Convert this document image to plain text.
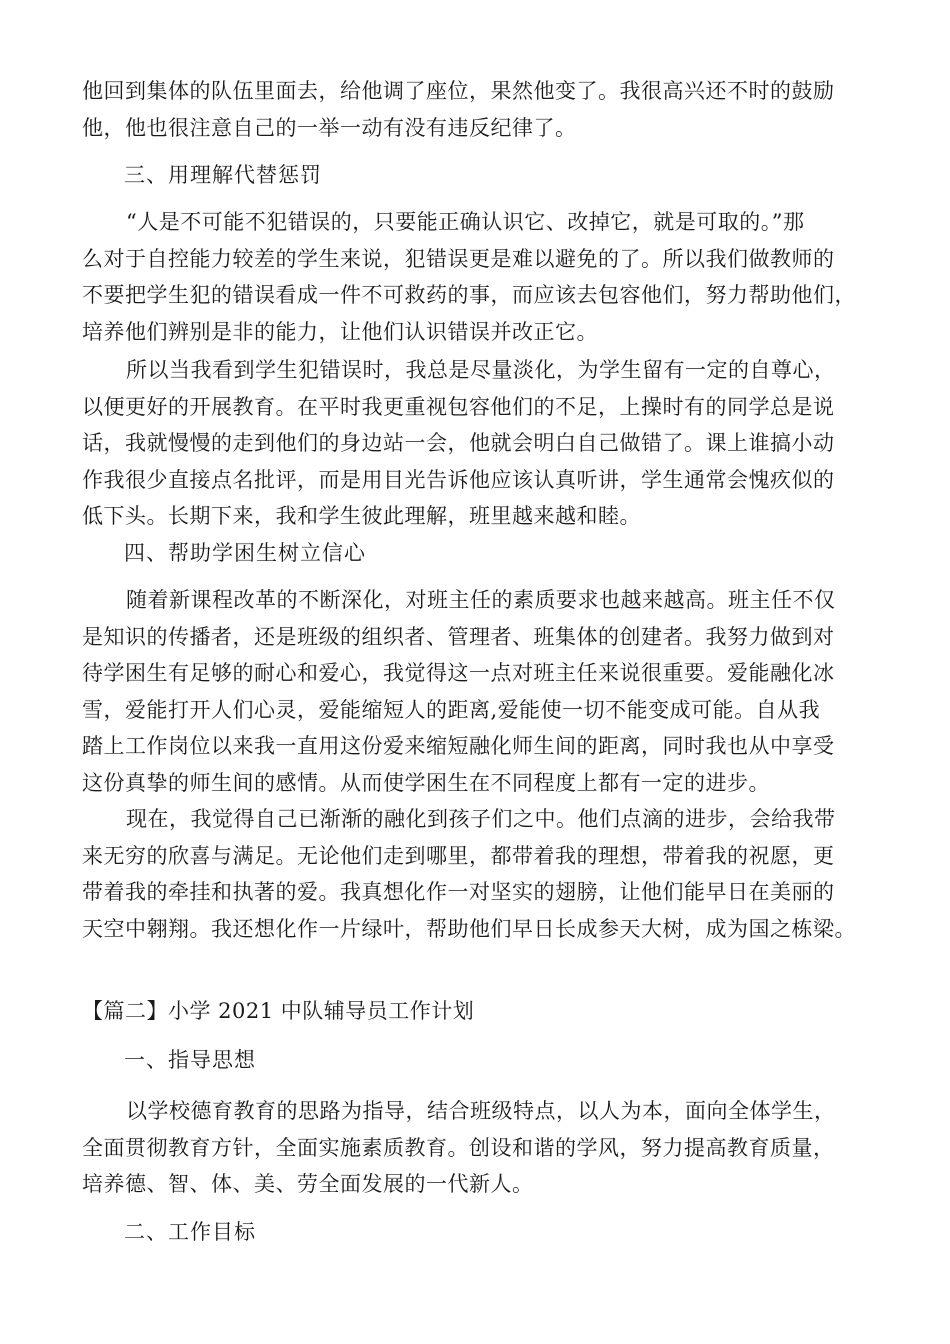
他回到集体的队伍里面去，给他调了座位，果然他变了。我很高兴还不时的鼓励
他，他也很注意自己的一举一动有没有违反纪律了。
三、用理解代替惩罚
“人是不可能不犯错误的，只要能正确认识它、改掉它，就是可取的。”那
么对于自控能力较差的学生来说，犯错误更是难以避免的了。所以我们做教师的
不要把学生犯的错误看成一件不可救药的事，而应该去包容他们，努力帮助他们，
培养他们辨别是非的能力，让他们认识错误并改正它。
所以当我看到学生犯错误时，我总是尽量淡化，为学生留有一定的自尊心，
以便更好的开展教育。在平时我更重视包容他们的不足，上操时有的同学总是说
话，我就慢慢的走到他们的身边站一会，他就会明白自己做错了。课上谁搞小动
作我很少直接点名批评，而是用目光告诉他应该认真听讲，学生通常会愧疚似的
低下头。长期下来，我和学生彼此理解，班里越来越和睦。
四、帮助学困生树立信心
随着新课程改革的不断深化，对班主任的素质要求也越来越高。班主任不仅
是知识的传播者，还是班级的组织者、管理者、班集体的创建者。我努力做到对
待学困生有足够的耐心和爱心，我觉得这一点对班主任来说很重要。爱能融化冰
雪，爱能打开人们心灵，爱能缩短人的距离,爱能使一切不能变成可能。自从我
踏上工作岗位以来我一直用这份爱来缩短融化师生间的距离，同时我也从中享受
这份真挚的师生间的感情。从而使学困生在不同程度上都有一定的进步。
现在，我觉得自己已渐渐的融化到孩子们之中。他们点滴的进步，会给我带
来无穷的欣喜与满足。无论他们走到哪里，都带着我的理想，带着我的祝愿，更
带着我的牵挂和执著的爱。我真想化作一对坚实的翅膀，让他们能早日在美丽的
天空中翱翔。我还想化作一片绿叶，帮助他们早日长成参天大树，成为国之栋梁。
【篇二】小学 2021 中队辅导员工作计划
一、指导思想
以学校德育教育的思路为指导，结合班级特点，以人为本，面向全体学生，
全面贯彻教育方针，全面实施素质教育。创设和谐的学风，努力提高教育质量，
培养德、智、体、美、劳全面发展的一代新人。
二、工作目标
